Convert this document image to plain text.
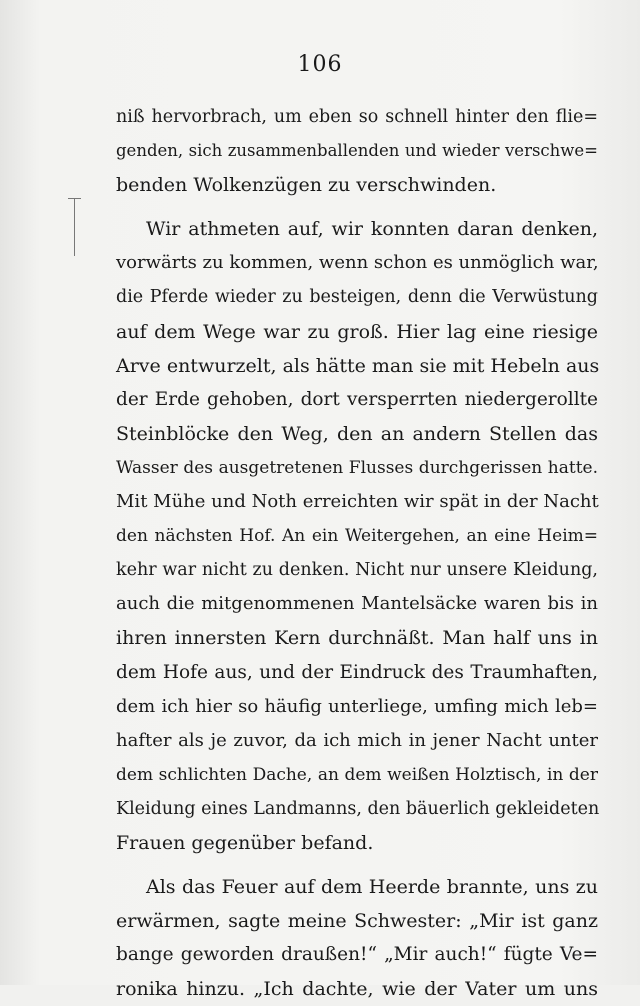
106
niß hervorbrach, um eben so schnell hinter den flie=
genden, sich zusammenballenden und wieder verschwe=
benden Wolkenzügen zu verschwinden.
Wir athmeten auf, wir konnten daran denken,
vorwärts zu kommen, wenn schon es unmöglich war,
die Pferde wieder zu besteigen, denn die Verwüstung
auf dem Wege war zu groß. Hier lag eine riesige
Arve entwurzelt, als hätte man sie mit Hebeln aus
der Erde gehoben, dort versperrten niedergerollte
Steinblöcke den Weg, den an andern Stellen das
Wasser des ausgetretenen Flusses durchgerissen hatte.
Mit Mühe und Noth erreichten wir spät in der Nacht
den nächsten Hof. An ein Weitergehen, an eine Heim=
kehr war nicht zu denken. Nicht nur unsere Kleidung,
auch die mitgenommenen Mantelsäcke waren bis in
ihren innersten Kern durchnäßt. Man half uns in
dem Hofe aus, und der Eindruck des Traumhaften,
dem ich hier so häufig unterliege, umfing mich leb=
hafter als je zuvor, da ich mich in jener Nacht unter
dem schlichten Dache, an dem weißen Holztisch, in der
Kleidung eines Landmanns, den bäuerlich gekleideten
Frauen gegenüber befand.
Als das Feuer auf dem Heerde brannte, uns zu
erwärmen, sagte meine Schwester: „Mir ist ganz
bange geworden draußen!“ „Mir auch!“ fügte Ve=
ronika hinzu. „Ich dachte, wie der Vater um uns
